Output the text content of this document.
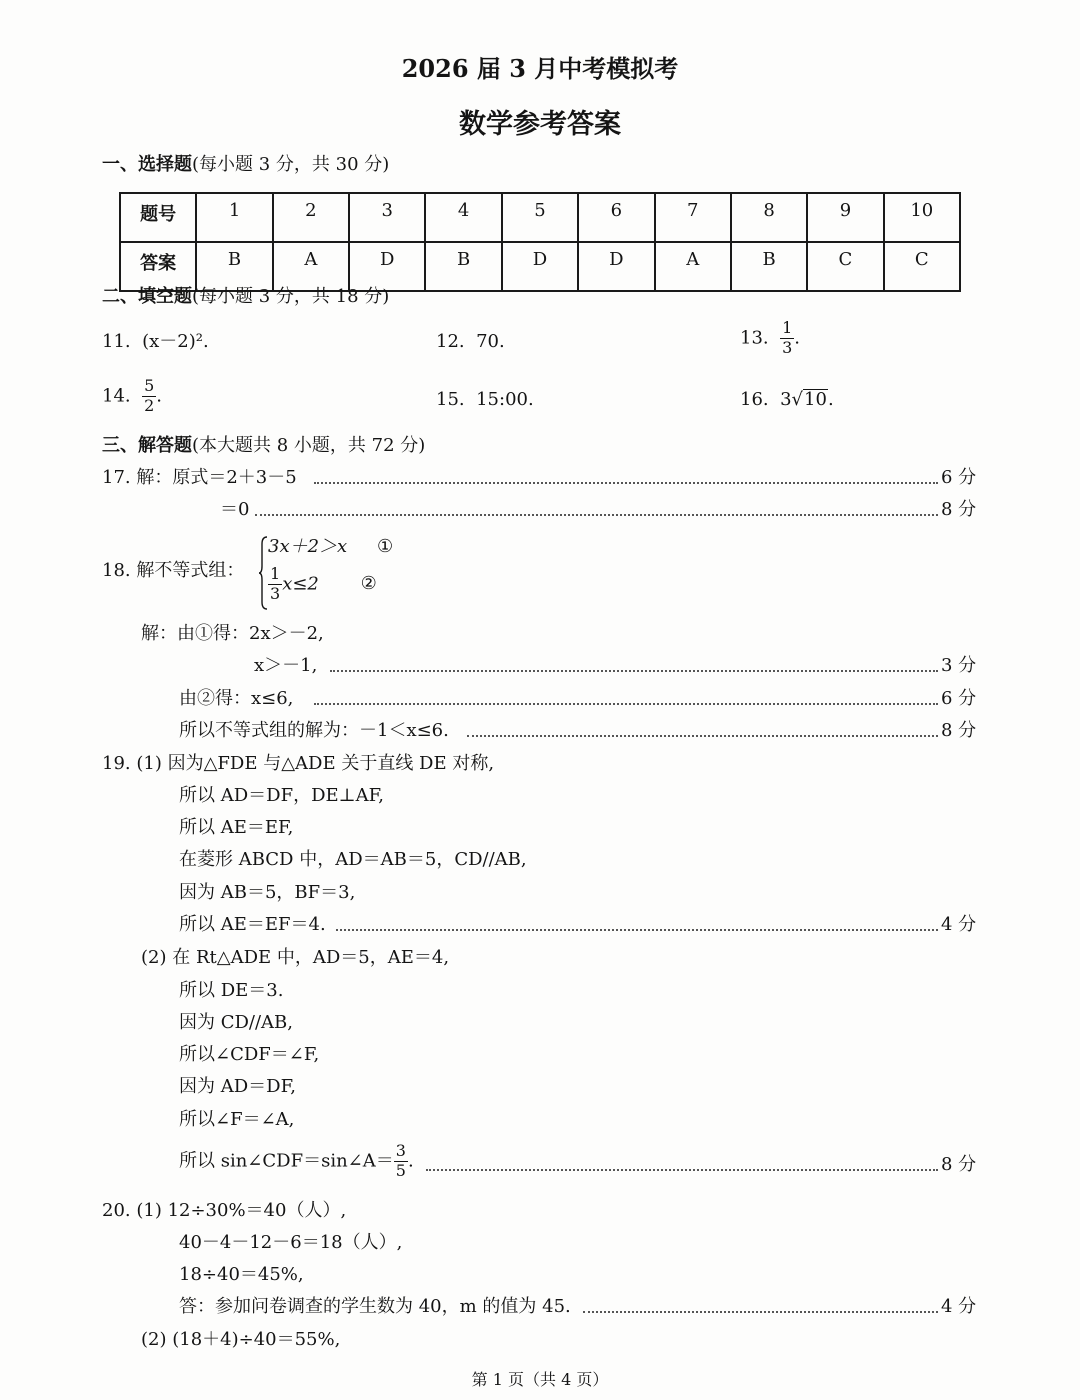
2026 届 3 月中考模拟考
数学参考答案
一、选择题(每小题 3 分，共 30 分)
题号	1	2	3	4	5	6	7	8	9	10
答案	B	A	D	B	D	D	A	B	C	C
二、填空题(每小题 3 分，共 18 分)
11. (x－2)².	12. 70.	13. $\frac{1}{3}$ .
14. $\frac{5}{2}$ .	15. 15:00.	16. 3√10.
三、解答题(本大题共 8 小题，共 72 分)
17. 解：原式＝2＋3－5	6 分
＝0	8 分
18. 解不等式组：
3x＋2＞x ①
$\frac{1}{3} x\le 2$ ②
解：由①得：2x＞－2,
x＞－1,	3 分
由②得：x≤6,	6 分
所以不等式组的解为：－1＜x≤6.	8 分
19. (1) 因为△FDE 与△ADE 关于直线 DE 对称,
所以 AD＝DF，DE⊥AF,
所以 AE＝EF,
在菱形 ABCD 中，AD＝AB＝5，CD//AB,
因为 AB＝5，BF＝3,
所以 AE＝EF＝4.	4 分
(2) 在 Rt△ADE 中，AD＝5，AE＝4,
所以 DE＝3.
因为 CD//AB,
所以∠CDF＝∠F,
因为 AD＝DF,
所以∠F＝∠A,
所以 sin∠CDF＝sin∠A＝ $\frac{3}{5}$ .	8 分
20. (1) 12÷30%＝40（人）,
40－4－12－6＝18（人）,
18÷40＝45%,
答：参加问卷调查的学生数为 40，m 的值为 45.	4 分
(2) (18＋4)÷40＝55%,
第 1 页（共 4 页）
